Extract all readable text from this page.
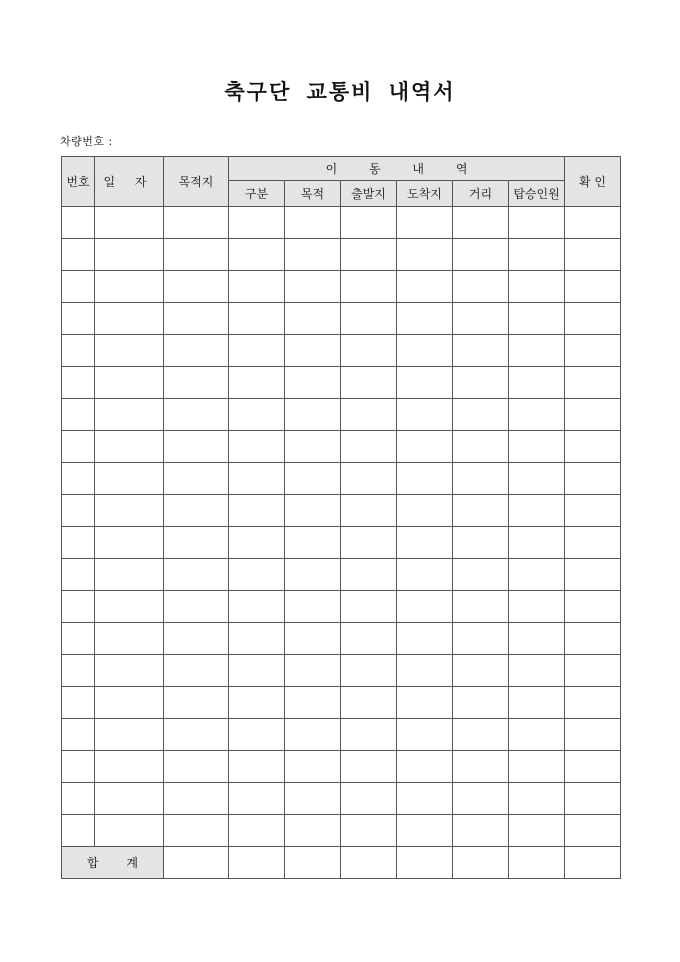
축구단 교통비 내역서
차량번호 :
번호	일 자	목적지	이 동 내 역						확 인
			구분	목적	출발지	도착지	거리	탑승인원	

합 계									
